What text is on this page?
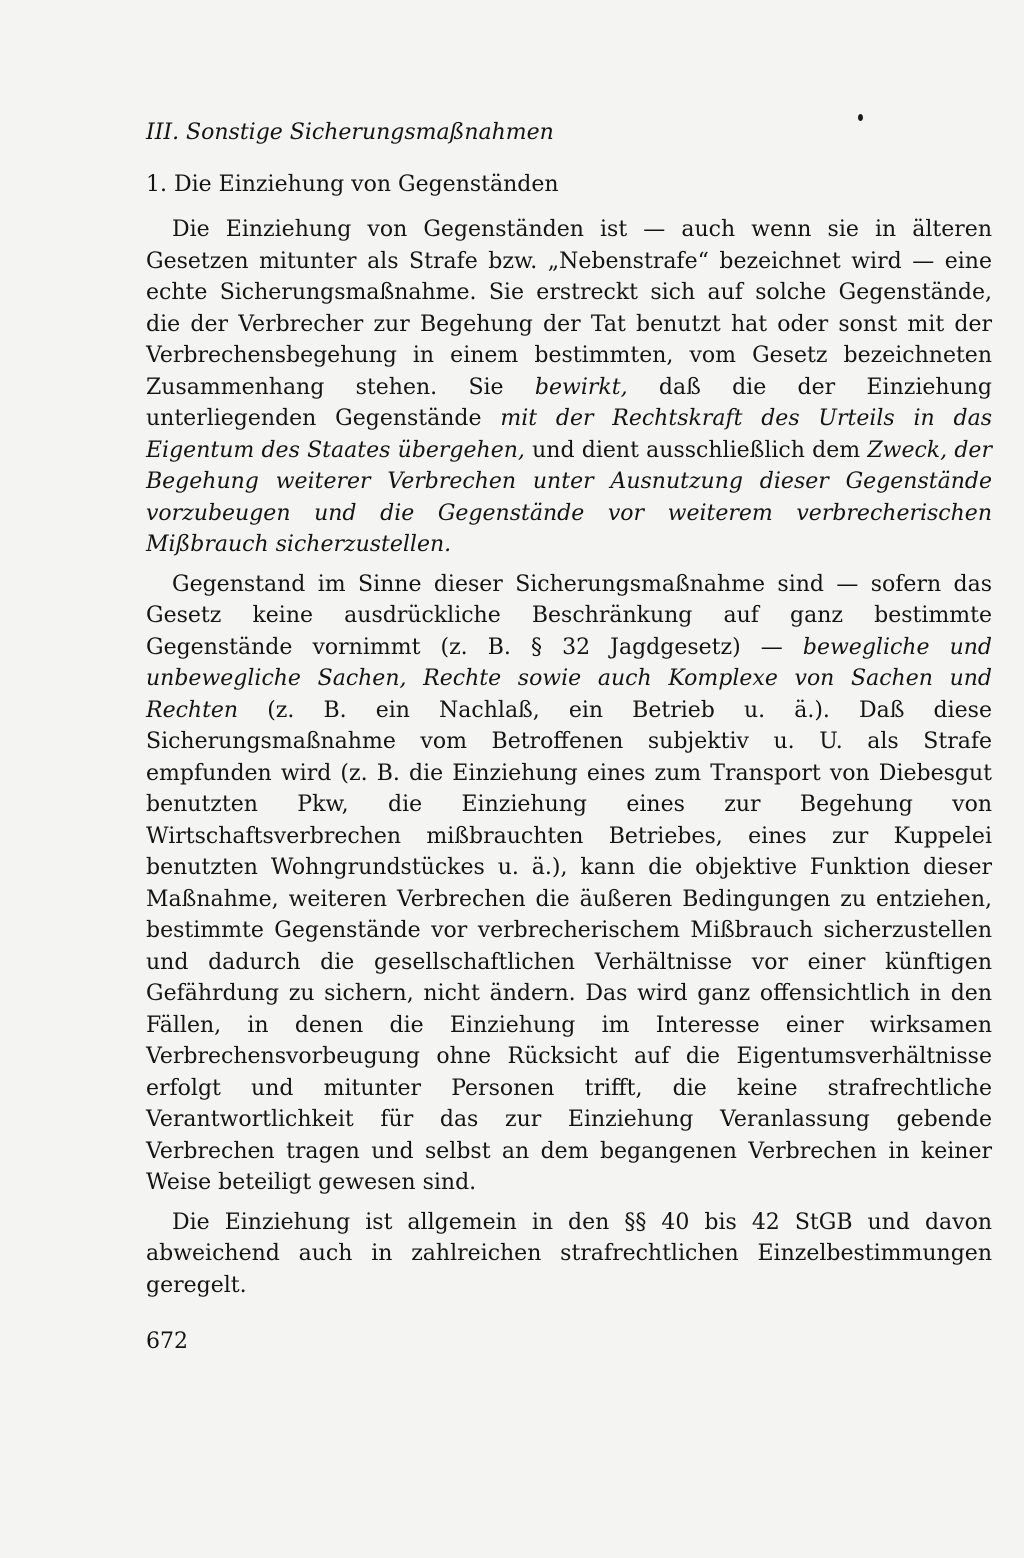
III. Sonstige Sicherungsmaßnahmen
1. Die Einziehung von Gegenständen

Die Einziehung von Gegenständen ist — auch wenn sie in älteren Gesetzen mitunter als Strafe bzw. „Nebenstrafe“ bezeichnet wird — eine echte Sicherungsmaßnahme. Sie erstreckt sich auf solche Gegenstände, die der Verbrecher zur Begehung der Tat benutzt hat oder sonst mit der Verbrechensbegehung in einem bestimmten, vom Gesetz bezeichneten Zusammenhang stehen. Sie bewirkt, daß die der Einziehung unterliegenden Gegenstände mit der Rechtskraft des Urteils in das Eigentum des Staates übergehen, und dient ausschließlich dem Zweck, der Begehung weiterer Verbrechen unter Ausnutzung dieser Gegenstände vorzubeugen und die Gegenstände vor weiterem verbrecherischen Mißbrauch sicherzustellen.

Gegenstand im Sinne dieser Sicherungsmaßnahme sind — sofern das Gesetz keine ausdrückliche Beschränkung auf ganz bestimmte Gegenstände vornimmt (z. B. § 32 Jagdgesetz) — bewegliche und unbewegliche Sachen, Rechte sowie auch Komplexe von Sachen und Rechten (z. B. ein Nachlaß, ein Betrieb u. ä.). Daß diese Sicherungsmaßnahme vom Betroffenen subjektiv u. U. als Strafe empfunden wird (z. B. die Einziehung eines zum Transport von Diebesgut benutzten Pkw, die Einziehung eines zur Begehung von Wirtschaftsverbrechen mißbrauchten Betriebes, eines zur Kuppelei benutzten Wohngrundstückes u. ä.), kann die objektive Funktion dieser Maßnahme, weiteren Verbrechen die äußeren Bedingungen zu entziehen, bestimmte Gegenstände vor verbrecherischem Mißbrauch sicherzustellen und dadurch die gesellschaftlichen Verhältnisse vor einer künftigen Gefährdung zu sichern, nicht ändern. Das wird ganz offensichtlich in den Fällen, in denen die Einziehung im Interesse einer wirksamen Verbrechensvorbeugung ohne Rücksicht auf die Eigentumsverhältnisse erfolgt und mitunter Personen trifft, die keine strafrechtliche Verantwortlichkeit für das zur Einziehung Veranlassung gebende Verbrechen tragen und selbst an dem begangenen Verbrechen in keiner Weise beteiligt gewesen sind.

Die Einziehung ist allgemein in den §§ 40 bis 42 StGB und davon abweichend auch in zahlreichen strafrechtlichen Einzelbestimmungen geregelt.

672
